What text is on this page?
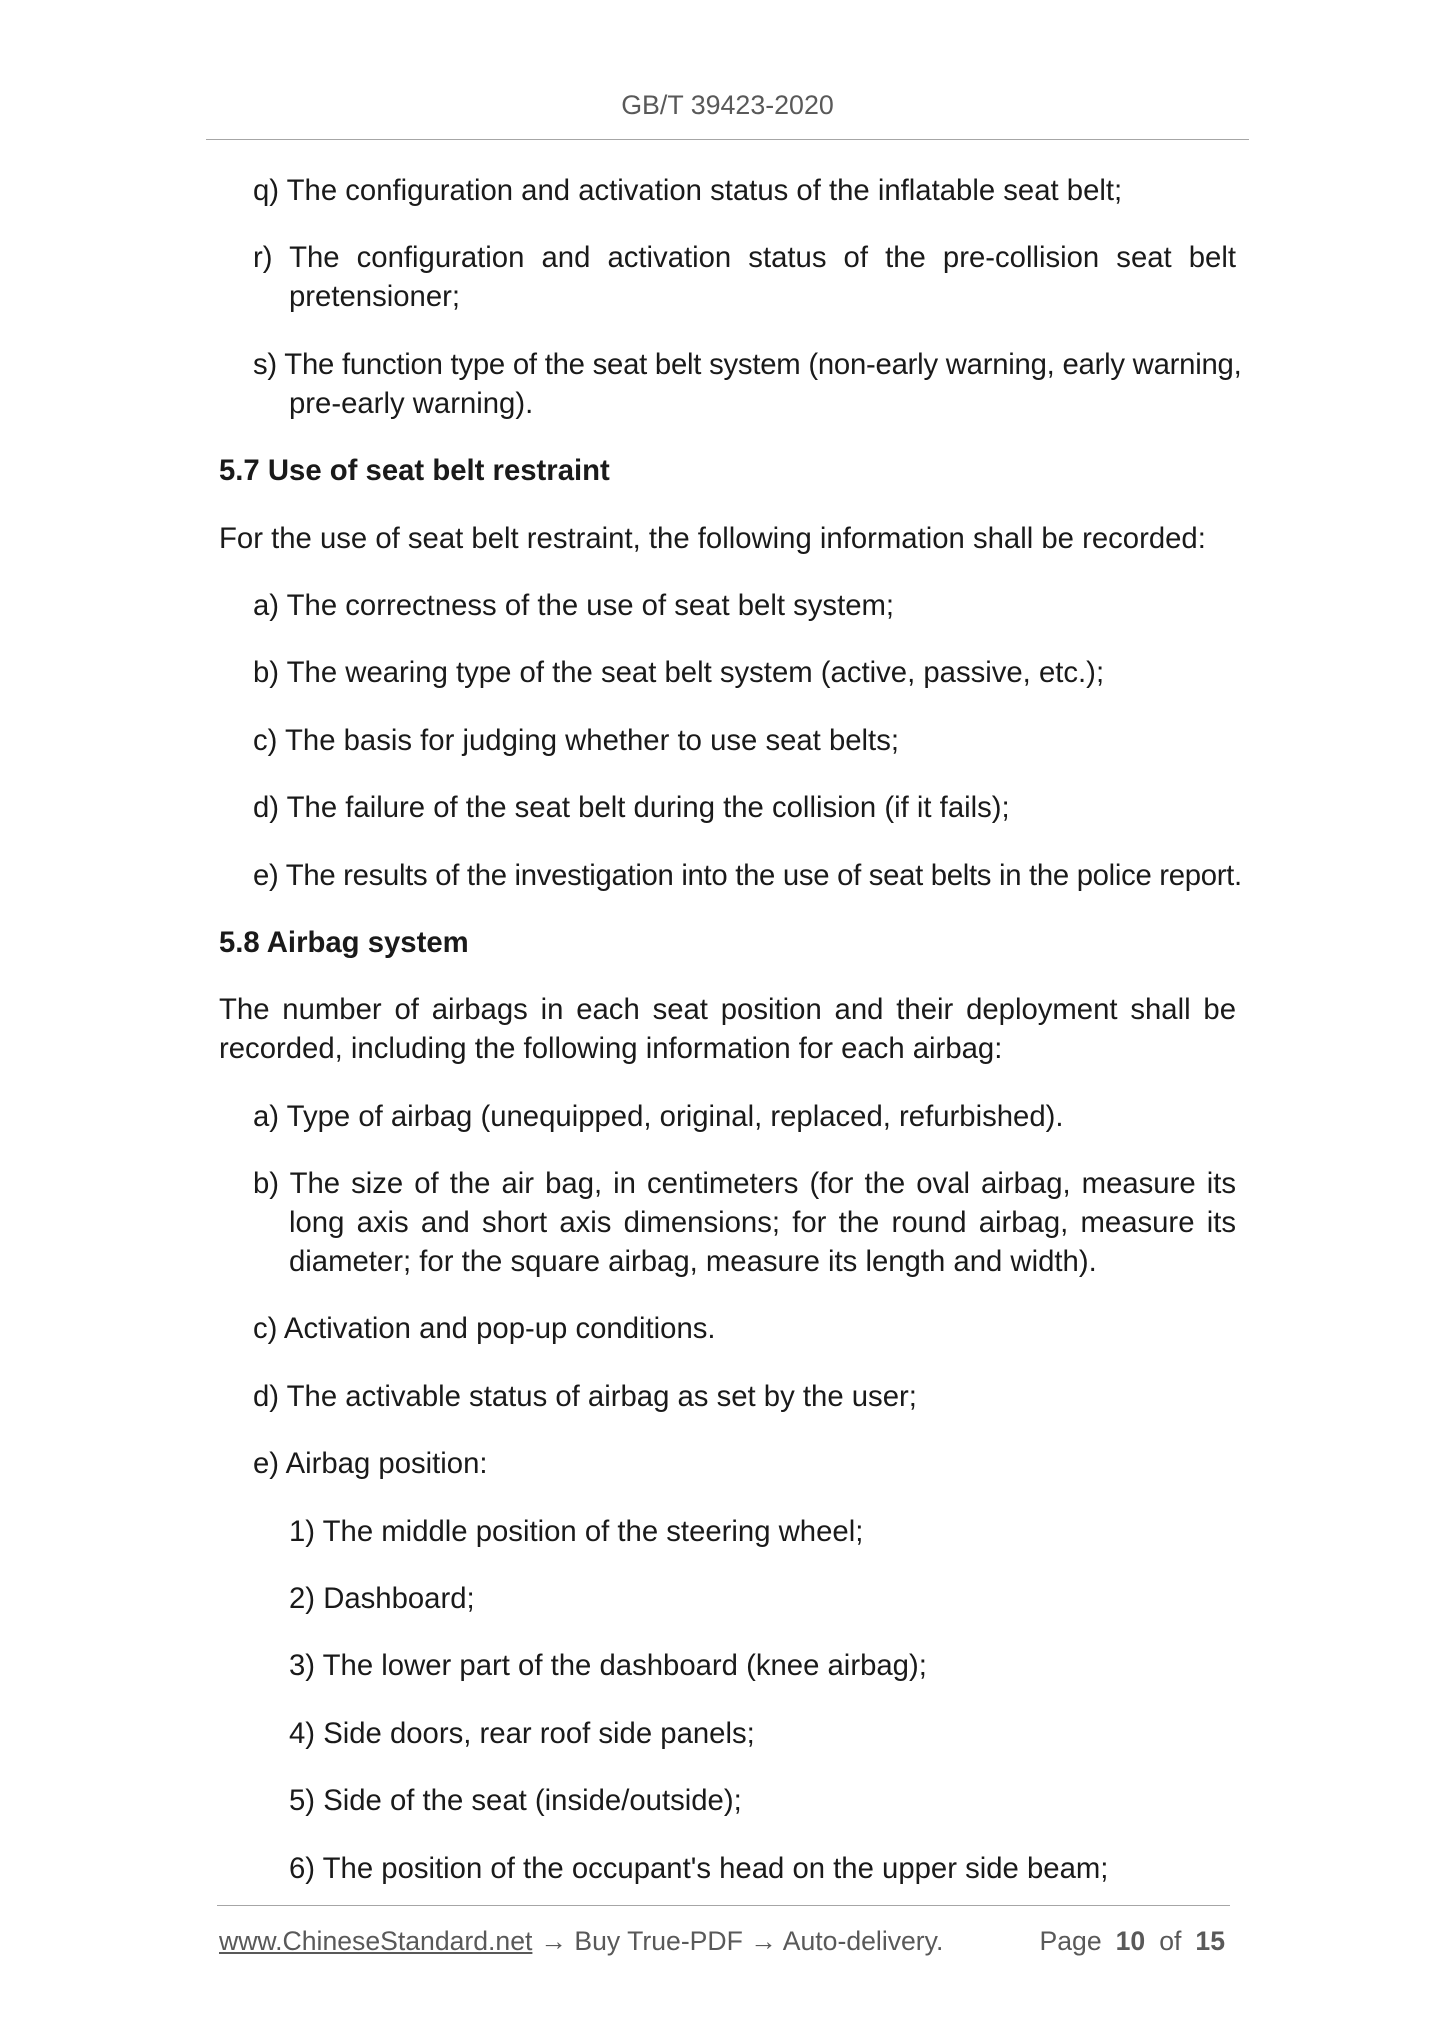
GB/T 39423-2020
q) The configuration and activation status of the inflatable seat belt;
r) The configuration and activation status of the pre-collision seat belt
pretensioner;
s) The function type of the seat belt system (non-early warning, early warning,
pre-early warning).
5.7 Use of seat belt restraint
For the use of seat belt restraint, the following information shall be recorded:
a) The correctness of the use of seat belt system;
b) The wearing type of the seat belt system (active, passive, etc.);
c) The basis for judging whether to use seat belts;
d) The failure of the seat belt during the collision (if it fails);
e) The results of the investigation into the use of seat belts in the police report.
5.8 Airbag system
The number of airbags in each seat position and their deployment shall be
recorded, including the following information for each airbag:
a) Type of airbag (unequipped, original, replaced, refurbished).
b) The size of the air bag, in centimeters (for the oval airbag, measure its
long axis and short axis dimensions; for the round airbag, measure its
diameter; for the square airbag, measure its length and width).
c) Activation and pop-up conditions.
d) The activable status of airbag as set by the user;
e) Airbag position:
1) The middle position of the steering wheel;
2) Dashboard;
3) The lower part of the dashboard (knee airbag);
4) Side doors, rear roof side panels;
5) Side of the seat (inside/outside);
6) The position of the occupant's head on the upper side beam;
www.ChineseStandard.net → Buy True-PDF → Auto-delivery.	Page 10 of 15
